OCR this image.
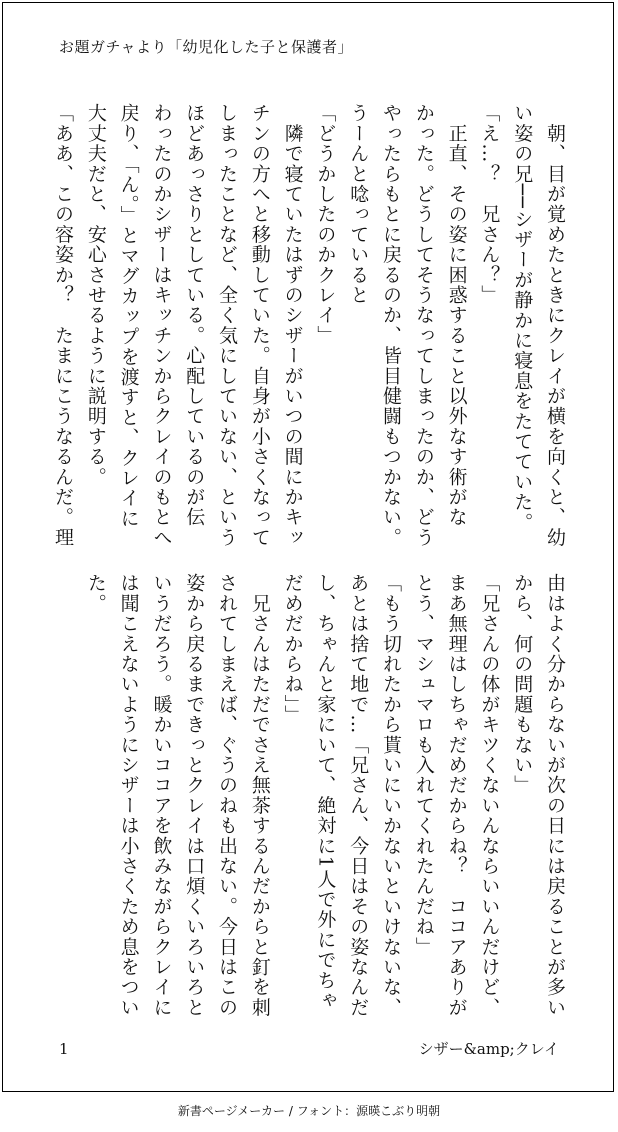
お題ガチャより「幼児化した子と保護者」
　朝、目が覚めたときにクレイが横を向くと、幼
い姿の兄──シザーが静かに寝息をたてていた。
「え…？　兄さん？」
　正直、その姿に困惑すること以外なす術がな
かった。どうしてそうなってしまったのか、どう
やったらもとに戻るのか、皆目健闘もつかない。
うーんと唸っていると
「どうかしたのかクレイ」
　隣で寝ていたはずのシザーがいつの間にかキッ
チンの方へと移動していた。自身が小さくなって
しまったことなど、全く気にしていない、という
ほどあっさりとしている。心配しているのが伝
わったのかシザーはキッチンからクレイのもとへ
戻り、「ん。」とマグカップを渡すと、クレイに
大丈夫だと、安心させるように説明する。
「ああ、この容姿か？　たまにこうなるんだ。理
由はよく分からないが次の日には戻ることが多い
から、何の問題もない」
「兄さんの体がキツくないんならいいんだけど、
まあ無理はしちゃだめだからね？　ココアありが
とう、マシュマロも入れてくれたんだね」
「もう切れたから貰いにいかないといけないな、
あとは捨て地で…「兄さん、今日はその姿なんだ
し、ちゃんと家にいて、絶対に1人で外にでちゃ
だめだからね」」
　兄さんはただでさえ無茶するんだからと釘を刺
されてしまえば、ぐうのねも出ない。今日はこの
姿から戻るまできっとクレイは口煩くいろいろと
いうだろう。暖かいココアを飲みながらクレイに
は聞こえないようにシザーは小さくため息をつい
た。
1	シザー&amp;クレイ
新書ページメーカー / フォント：源暎こぶり明朝
